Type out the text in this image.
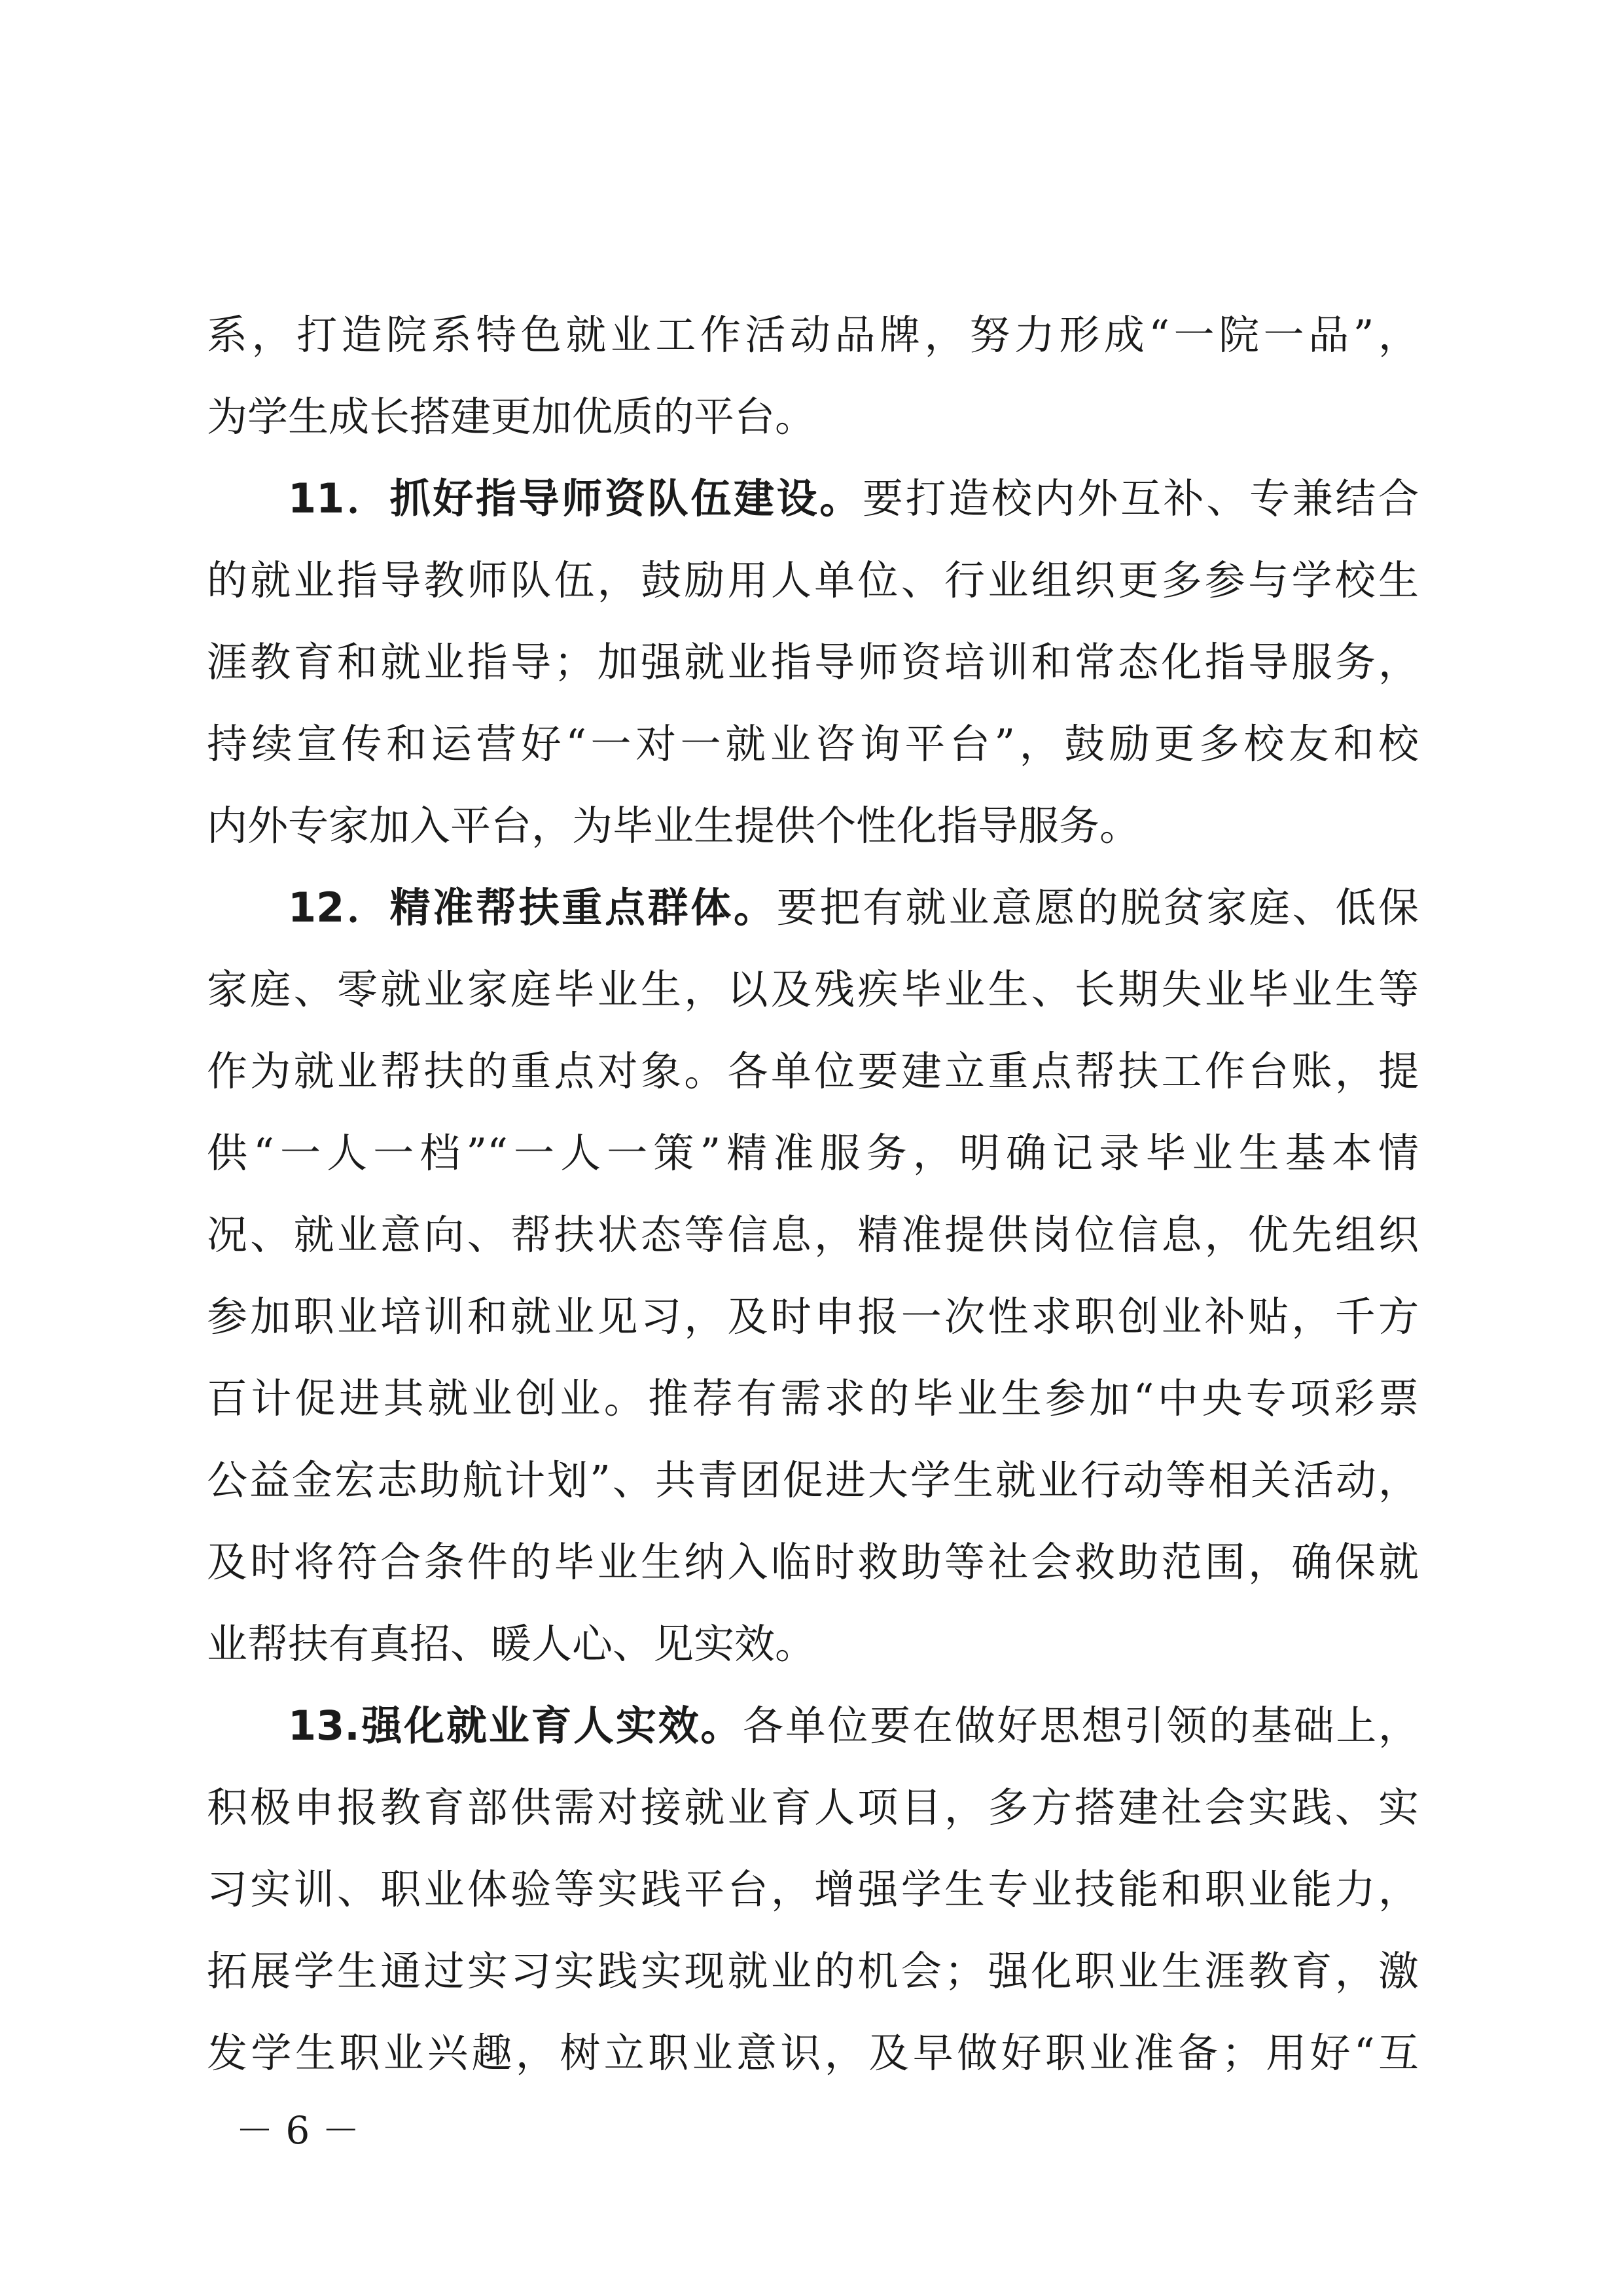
系，打造院系特色就业工作活动品牌，努力形成“一院一品”，
为学生成长搭建更加优质的平台。
11．抓好指导师资队伍建设。要打造校内外互补、专兼结合
的就业指导教师队伍，鼓励用人单位、行业组织更多参与学校生
涯教育和就业指导；加强就业指导师资培训和常态化指导服务，
持续宣传和运营好“一对一就业咨询平台”，鼓励更多校友和校
内外专家加入平台，为毕业生提供个性化指导服务。
12．精准帮扶重点群体。要把有就业意愿的脱贫家庭、低保
家庭、零就业家庭毕业生，以及残疾毕业生、长期失业毕业生等
作为就业帮扶的重点对象。各单位要建立重点帮扶工作台账，提
供“一人一档”“一人一策”精准服务，明确记录毕业生基本情
况、就业意向、帮扶状态等信息，精准提供岗位信息，优先组织
参加职业培训和就业见习，及时申报一次性求职创业补贴，千方
百计促进其就业创业。推荐有需求的毕业生参加“中央专项彩票
公益金宏志助航计划”、共青团促进大学生就业行动等相关活动，
及时将符合条件的毕业生纳入临时救助等社会救助范围，确保就
业帮扶有真招、暖人心、见实效。
13.强化就业育人实效。各单位要在做好思想引领的基础上，
积极申报教育部供需对接就业育人项目，多方搭建社会实践、实
习实训、职业体验等实践平台，增强学生专业技能和职业能力，
拓展学生通过实习实践实现就业的机会；强化职业生涯教育，激
发学生职业兴趣，树立职业意识，及早做好职业准备；用好“互
－ 6 －
